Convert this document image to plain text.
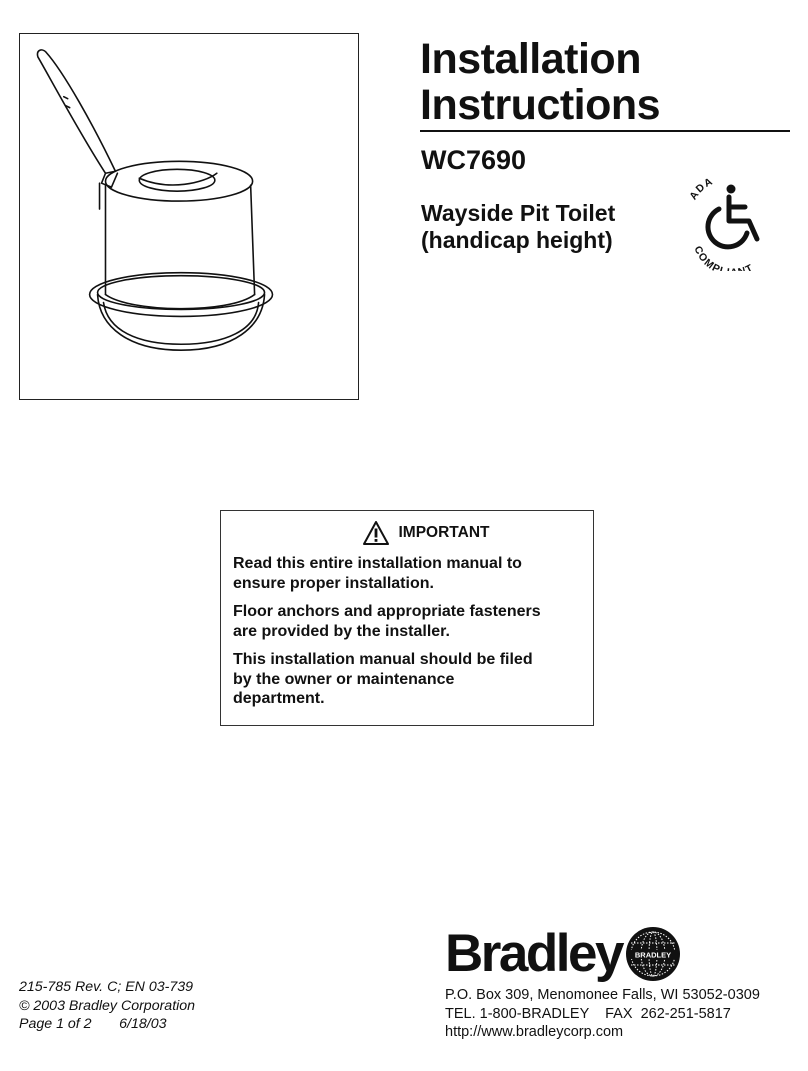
Installation
Instructions
WC7690
Wayside Pit Toilet
(handicap height)
ADA
COMP T
IMPORTANT

Read this entire installation manual to
ensure proper installation.

Floor anchors and appropriate fasteners
are provided by the installer.

This installation manual should be filed
by the owner or maintenance
department.

215-785 Rev. C; EN 03-739
© 2003 Bradley Corporation
Page 1 of 2       6/18/03
Bradley BRADLEY
P.O. Box 309, Menomonee Falls, WI 53052-0309
TEL. 1-800-BRADLEY    FAX  262-251-5817
http://www.bradleycorp.com
